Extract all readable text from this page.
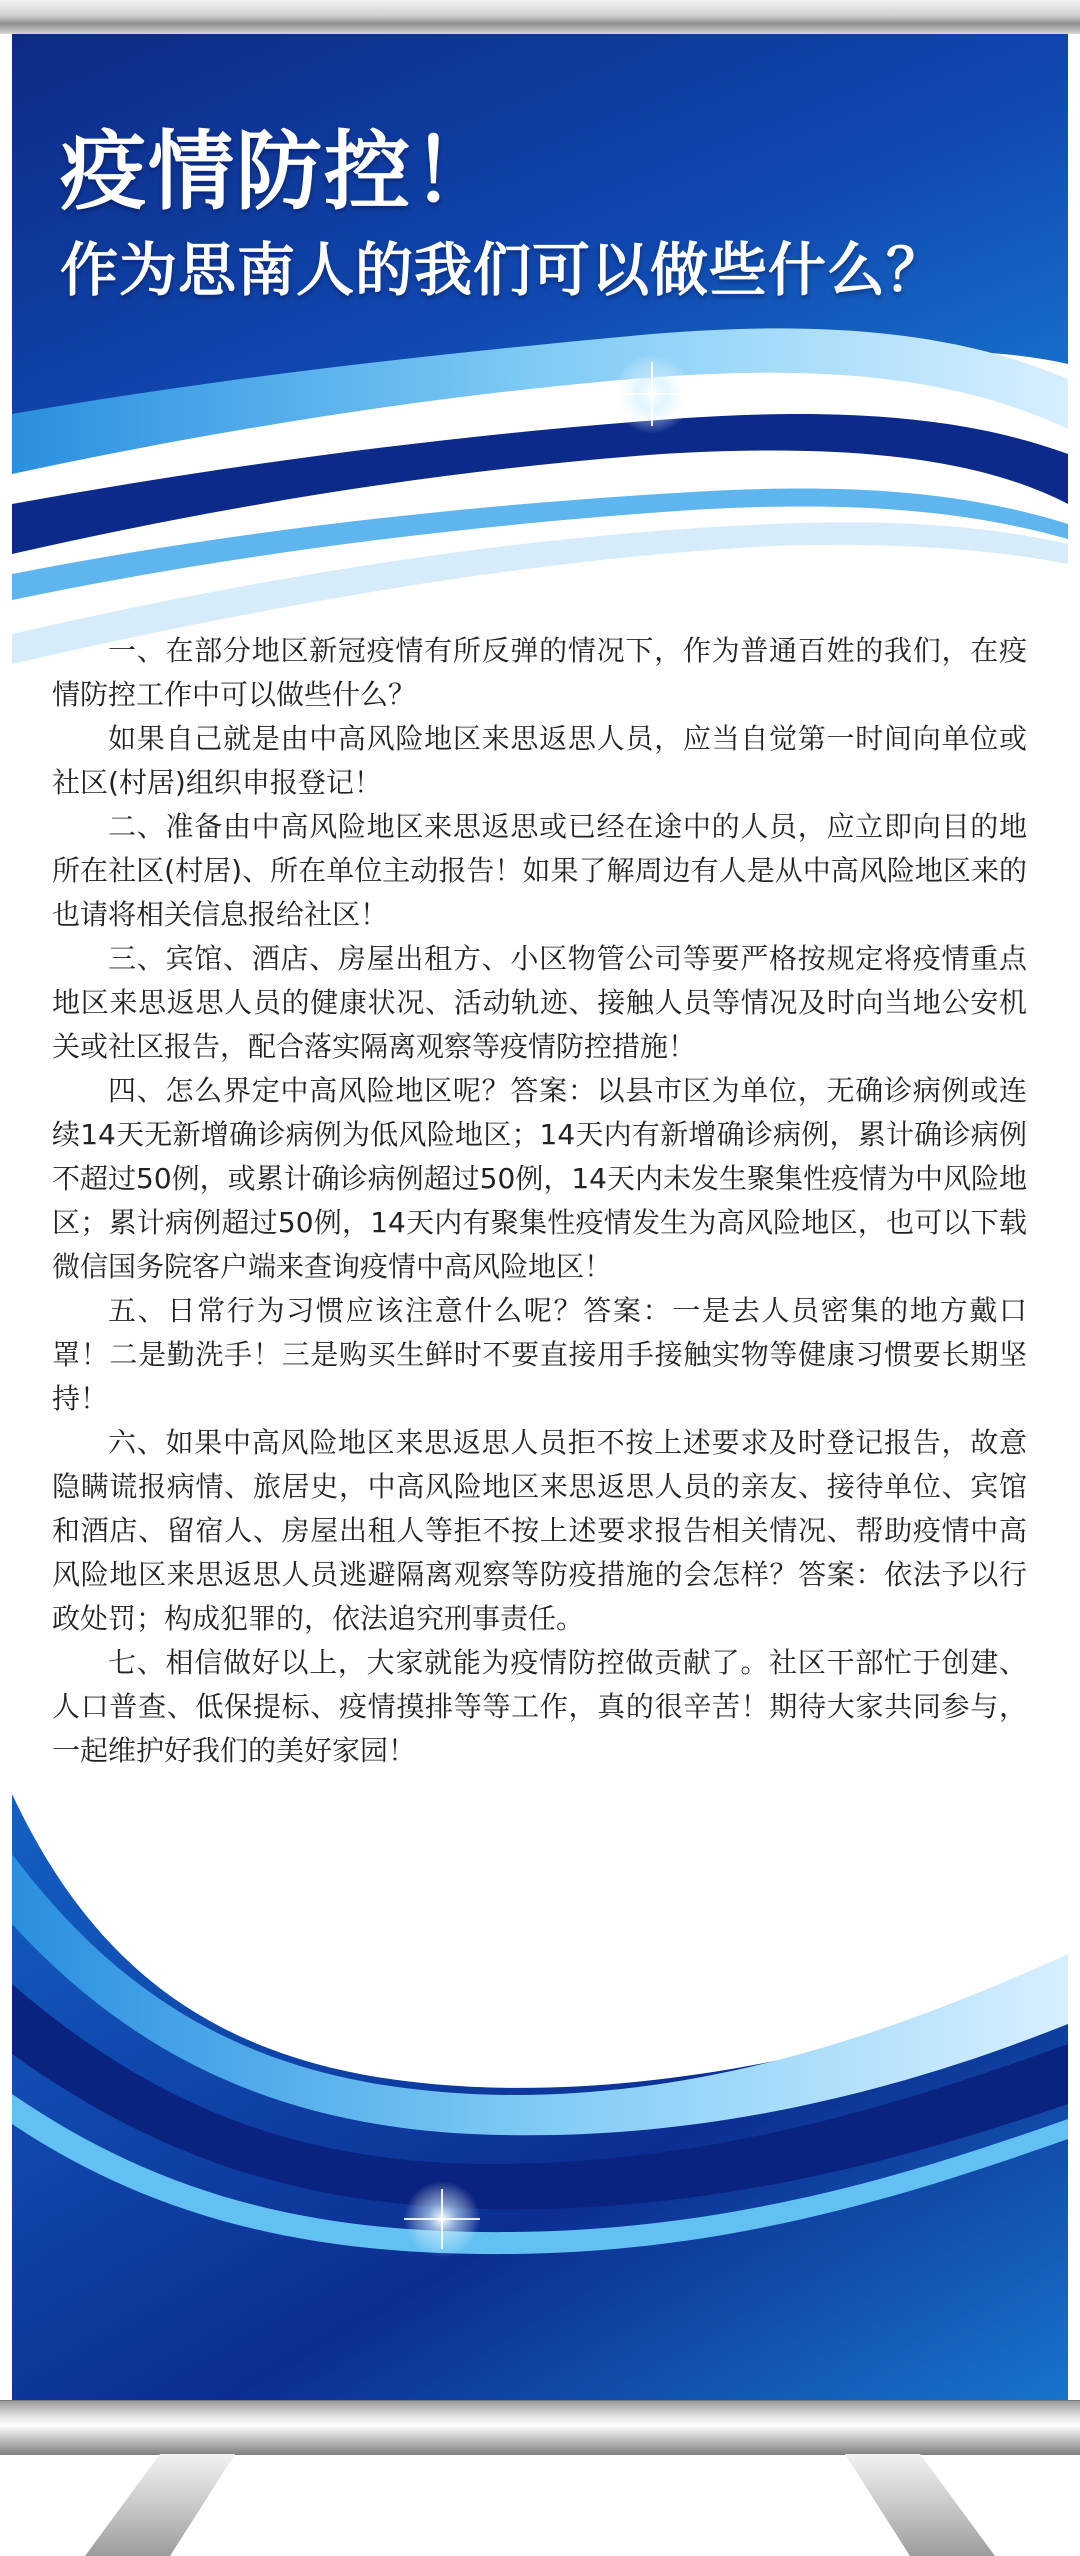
疫情防控！
作为思南人的我们可以做些什么？

一、在部分地区新冠疫情有所反弹的情况下，作为普通百姓的我们，在疫情防控工作中可以做些什么？

如果自己就是由中高风险地区来思返思人员，应当自觉第一时间向单位或社区(村居)组织申报登记！

二、准备由中高风险地区来思返思或已经在途中的人员，应立即向目的地所在社区(村居)、所在单位主动报告！如果了解周边有人是从中高风险地区来的也请将相关信息报给社区！

三、宾馆、酒店、房屋出租方、小区物管公司等要严格按规定将疫情重点地区来思返思人员的健康状况、活动轨迹、接触人员等情况及时向当地公安机关或社区报告，配合落实隔离观察等疫情防控措施！

四、怎么界定中高风险地区呢？答案：以县市区为单位，无确诊病例或连续14天无新增确诊病例为低风险地区；14天内有新增确诊病例，累计确诊病例不超过50例，或累计确诊病例超过50例，14天内未发生聚集性疫情为中风险地区；累计病例超过50例，14天内有聚集性疫情发生为高风险地区，也可以下载微信国务院客户端来查询疫情中高风险地区！

五、日常行为习惯应该注意什么呢？答案：一是去人员密集的地方戴口罩！二是勤洗手！三是购买生鲜时不要直接用手接触实物等健康习惯要长期坚持！

六、如果中高风险地区来思返思人员拒不按上述要求及时登记报告，故意隐瞒谎报病情、旅居史，中高风险地区来思返思人员的亲友、接待单位、宾馆和酒店、留宿人、房屋出租人等拒不按上述要求报告相关情况、帮助疫情中高风险地区来思返思人员逃避隔离观察等防疫措施的会怎样？答案：依法予以行政处罚；构成犯罪的，依法追究刑事责任。

七、相信做好以上，大家就能为疫情防控做贡献了。社区干部忙于创建、人口普查、低保提标、疫情摸排等等工作，真的很辛苦！期待大家共同参与，一起维护好我们的美好家园！
